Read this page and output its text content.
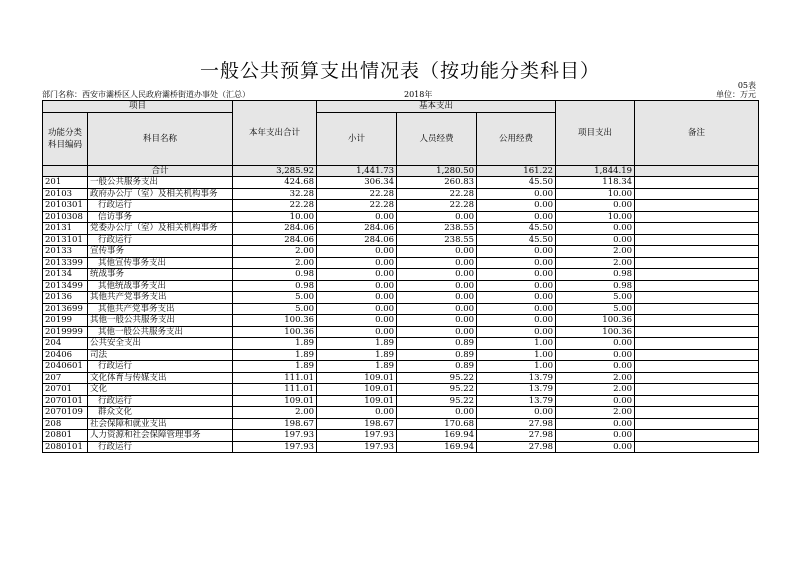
一般公共预算支出情况表（按功能分类科目）
05表
部门名称：西安市灞桥区人民政府灞桥街道办事处（汇总）	2018年	单位：万元
项目		本年支出合计	基本支出			项目支出	备注
功能分类科目编码	科目名称		小计	人员经费	公用经费		
	合计	3,285.92	1,441.73	1,280.50	161.22	1,844.19	
201	一般公共服务支出	424.68	306.34	260.83	45.50	118.34	
20103	政府办公厅（室）及相关机构事务	32.28	22.28	22.28	0.00	10.00	
2010301	行政运行	22.28	22.28	22.28	0.00	0.00	
2010308	信访事务	10.00	0.00	0.00	0.00	10.00	
20131	党委办公厅（室）及相关机构事务	284.06	284.06	238.55	45.50	0.00	
2013101	行政运行	284.06	284.06	238.55	45.50	0.00	
20133	宣传事务	2.00	0.00	0.00	0.00	2.00	
2013399	其他宣传事务支出	2.00	0.00	0.00	0.00	2.00	
20134	统战事务	0.98	0.00	0.00	0.00	0.98	
2013499	其他统战事务支出	0.98	0.00	0.00	0.00	0.98	
20136	其他共产党事务支出	5.00	0.00	0.00	0.00	5.00	
2013699	其他共产党事务支出	5.00	0.00	0.00	0.00	5.00	
20199	其他一般公共服务支出	100.36	0.00	0.00	0.00	100.36	
2019999	其他一般公共服务支出	100.36	0.00	0.00	0.00	100.36	
204	公共安全支出	1.89	1.89	0.89	1.00	0.00	
20406	司法	1.89	1.89	0.89	1.00	0.00	
2040601	行政运行	1.89	1.89	0.89	1.00	0.00	
207	文化体育与传媒支出	111.01	109.01	95.22	13.79	2.00	
20701	文化	111.01	109.01	95.22	13.79	2.00	
2070101	行政运行	109.01	109.01	95.22	13.79	0.00	
2070109	群众文化	2.00	0.00	0.00	0.00	2.00	
208	社会保障和就业支出	198.67	198.67	170.68	27.98	0.00	
20801	人力资源和社会保障管理事务	197.93	197.93	169.94	27.98	0.00	
2080101	行政运行	197.93	197.93	169.94	27.98	0.00	
